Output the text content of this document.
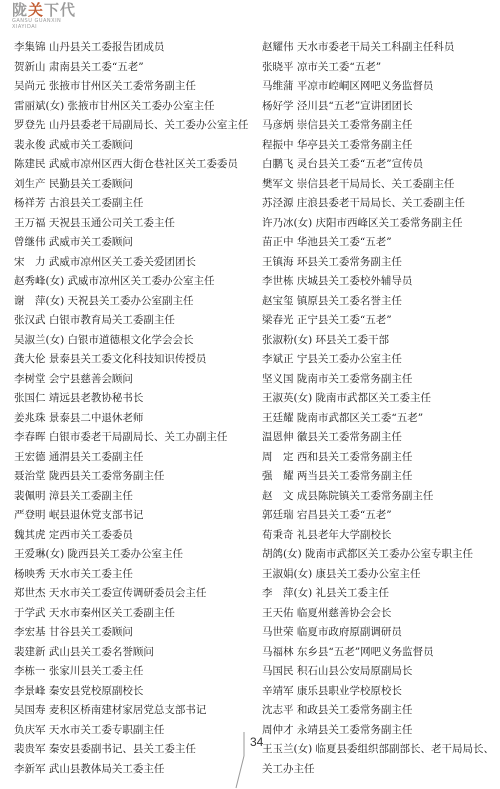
陇关下代
GANSU GUANXIN
XIAYIDAI
李集锦 山丹县关工委报告团成员
贺新山 肃南县关工委“五老”
吴尚元 张掖市甘州区关工委常务副主任
雷丽斌(女) 张掖市甘州区关工委办公室主任
罗登先 山丹县委老干局副局长、关工委办公室主任
裴永俊 武威市关工委顾问
陈建民 武威市凉州区西大街仓巷社区关工委委员
刘生产 民勤县关工委顾问
杨祥芳 古浪县关工委副主任
王万福 天祝县玉通公司关工委主任
曾继伟 武威市关工委顾问
宋　力 武威市凉州区关工委关爱团团长
赵秀峰(女) 武威市凉州区关工委办公室主任
谢　萍(女) 天祝县关工委办公室副主任
张汉武 白银市教育局关工委副主任
吴淑兰(女) 白银市道德根文化学会会长
龚大伦 景泰县关工委文化科技知识传授员
李树堂 会宁县慈善会顾问
张国仁 靖远县老教协秘书长
姜兆珠 景泰县二中退休老师
李春晖 白银市委老干局副局长、关工办副主任
王宏德 通渭县关工委副主任
聂治堂 陇西县关工委常务副主任
裴佩明 漳县关工委副主任
严登明 岷县退休党支部书记
魏其虎 定西市关工委委员
王爱琳(女) 陇西县关工委办公室主任
杨映秀 天水市关工委主任
郑世杰 天水市关工委宣传调研委员会主任
于学武 天水市秦州区关工委副主任
李宏基 甘谷县关工委顾问
裴建新 武山县关工委名誉顾问
李栋一 张家川县关工委主任
李景峰 秦安县党校原副校长
吴国寿 麦积区桥南建材家居党总支部书记
负庆军 天水市关工委专职副主任
裴贵军 秦安县委副书记、县关工委主任
李新军 武山县教体局关工委主任
赵耀伟 天水市委老干局关工科副主任科员
张晓平 凉市关工委“五老”
马维蒲 平凉市崆峒区网吧义务监督员
杨好学 泾川县“五老”宣讲团团长
马彦炳 崇信县关工委常务副主任
程振中 华亭县关工委常务副主任
白鹏飞 灵台县关工委“五老”宣传员
樊军文 崇信县老干局局长、关工委副主任
苏泾源 庄浪县委老干局局长、关工委副主任
许乃冰(女) 庆阳市西峰区关工委常务副主任
苗正中 华池县关工委“五老”
王镇海 环县关工委常务副主任
李世栋 庆城县关工委校外辅导员
赵宝玺 镇原县关工委名誉主任
梁春光 正宁县关工委“五老”
张淑粉(女) 环县关工委干部
李斌正 宁县关工委办公室主任
坚义国 陇南市关工委常务副主任
王淑英(女) 陇南市武都区关工委主任
王廷耀 陇南市武都区关工委“五老”
温恩伸 徽县关工委常务副主任
周　定 西和县关工委常务副主任
强　耀 两当县关工委常务副主任
赵　文 成县陈院镇关工委常务副主任
郭廷瑞 宕昌县关工委“五老”
荀秉奇 礼县老年大学副校长
胡鸽(女) 陇南市武都区关工委办公室专职主任
王淑娟(女) 康县关工委办公室主任
李　萍(女) 礼县关工委主任
王天佑 临夏州慈善协会会长
马世荣 临夏市政府原副调研员
马福林 东乡县“五老”网吧义务监督员
马国民 积石山县公安局原副局长
辛靖军 康乐县职业学校原校长
沈志平 和政县关工委常务副主任
周仲才 永靖县关工委常务副主任
王玉兰(女) 临夏县委组织部副部长、老干局局长、关工办主任
34
